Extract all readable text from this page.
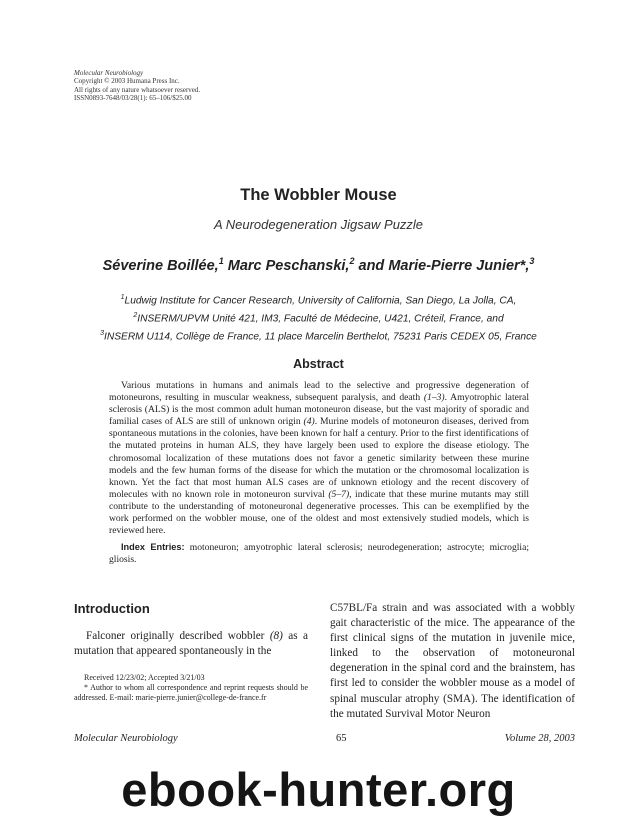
Molecular Neurobiology
Copyright © 2003 Humana Press Inc.
All rights of any nature whatsoever reserved.
ISSN0893-7648/03/28(1): 65–106/$25.00
The Wobbler Mouse
A Neurodegeneration Jigsaw Puzzle
Séverine Boillée,$^1$ Marc Peschanski,$^2$ and Marie-Pierre Junier*,$^3$
$^1$Ludwig Institute for Cancer Research, University of California, San Diego, La Jolla, CA,
$^2$INSERM/UPVM Unité 421, IM3, Faculté de Médecine, U421, Créteil, France, and
$^3$INSERM U114, Collège de France, 11 place Marcelin Berthelot, 75231 Paris CEDEX 05, France
Abstract

Various mutations in humans and animals lead to the selective and progressive degeneration of motoneurons, resulting in muscular weakness, subsequent paralysis, and death (1–3). Amyotrophic lateral sclerosis (ALS) is the most common adult human motoneuron disease, but the vast majority of sporadic and familial cases of ALS are still of unknown origin (4). Murine models of motoneuron diseases, derived from spontaneous mutations in the colonies, have been known for half a century. Prior to the first identifications of the mutated proteins in human ALS, they have largely been used to explore the disease etiology. The chromosomal localization of these mutations does not favor a genetic similarity between these murine models and the few human forms of the disease for which the mutation or the chromosomal localization is known. Yet the fact that most human ALS cases are of unknown etiology and the recent discovery of molecules with no known role in motoneuron survival (5–7), indicate that these murine mutants may still contribute to the understanding of motoneuronal degenerative processes. This can be exemplified by the work performed on the wobbler mouse, one of the oldest and most extensively studied models, which is reviewed here.

Index Entries: motoneuron; amyotrophic lateral sclerosis; neurodegeneration; astrocyte; microglia; gliosis.

Introduction

Falconer originally described wobbler (8) as a mutation that appeared spontaneously in the

Received 12/23/02; Accepted 3/21/03

* Author to whom all correspondence and reprint requests should be addressed. E-mail: marie-pierre.junier@college-de-france.fr

C57BL/Fa strain and was associated with a wobbly gait characteristic of the mice. The appearance of the first clinical signs of the mutation in juvenile mice, linked to the observation of motoneuronal degeneration in the spinal cord and the brainstem, has first led to consider the wobbler mouse as a model of spinal muscular atrophy (SMA). The identification of the mutated Survival Motor Neuron

Molecular Neurobiology	65	Volume 28, 2003
ebook-hunter.org
